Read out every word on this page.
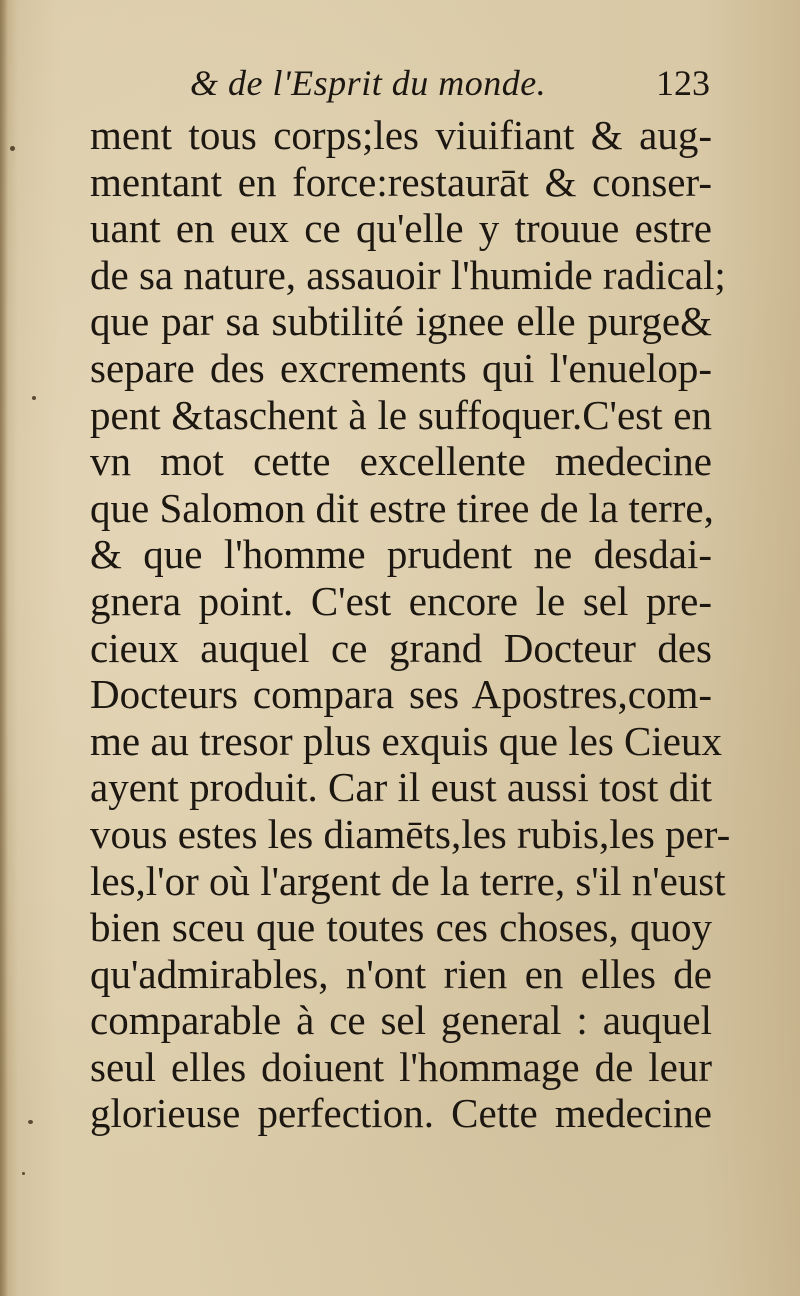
& de l'Esprit du monde.	123
ment tous corps;les viuifiant & aug-
mentant en force:restaurāt & conser-
uant en eux ce qu'elle y trouue estre
de sa nature, assauoir l'humide radical;
que par sa subtilité ignee elle purge&
separe des excrements qui l'enuelop-
pent &taschent à le suffoquer.C'est en
vn mot cette excellente medecine
que Salomon dit estre tiree de la terre,
& que l'homme prudent ne desdai-
gnera point. C'est encore le sel pre-
cieux auquel ce grand Docteur des
Docteurs compara ses Apostres,com-
me au tresor plus exquis que les Cieux
ayent produit. Car il eust aussi tost dit
vous estes les diamēts,les rubis,les per-
les,l'or où l'argent de la terre, s'il n'eust
bien sceu que toutes ces choses, quoy
qu'admirables, n'ont rien en elles de
comparable à ce sel general : auquel
seul elles doiuent l'hommage de leur
glorieuse perfection. Cette medecine
